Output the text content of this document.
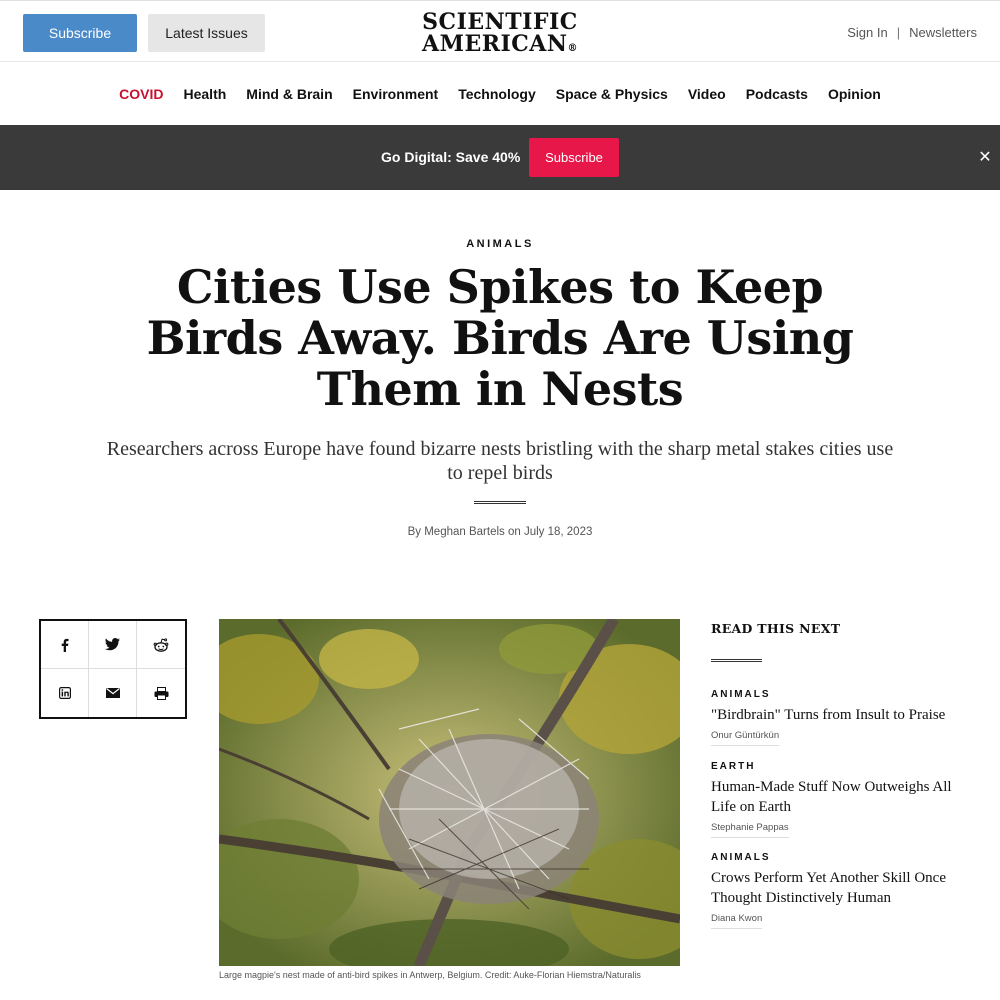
Subscribe	Latest Issues	SCIENTIFIC
AMERICAN®
Sign In | Newsletters
COVID Health Mind & Brain Environment Technology Space & Physics Video Podcasts Opinion
Go Digital: Save 40%	Subscribe	✕
ANIMALS
Cities Use Spikes to Keep Birds Away. Birds Are Using Them in Nests

Researchers across Europe have found bizarre nests bristling with the sharp metal stakes cities use to repel birds

By Meghan Bartels on July 18, 2023
Large magpie's nest made of anti-bird spikes in Antwerp, Belgium. Credit: Auke-Florian Hiemstra/Naturalis
READ THIS NEXT
ANIMALS
"Birdbrain" Turns from Insult to Praise
Onur Güntürkün
EARTH
Human-Made Stuff Now Outweighs All Life on Earth
Stephanie Pappas
ANIMALS
Crows Perform Yet Another Skill Once Thought Distinctively Human
Diana Kwon
